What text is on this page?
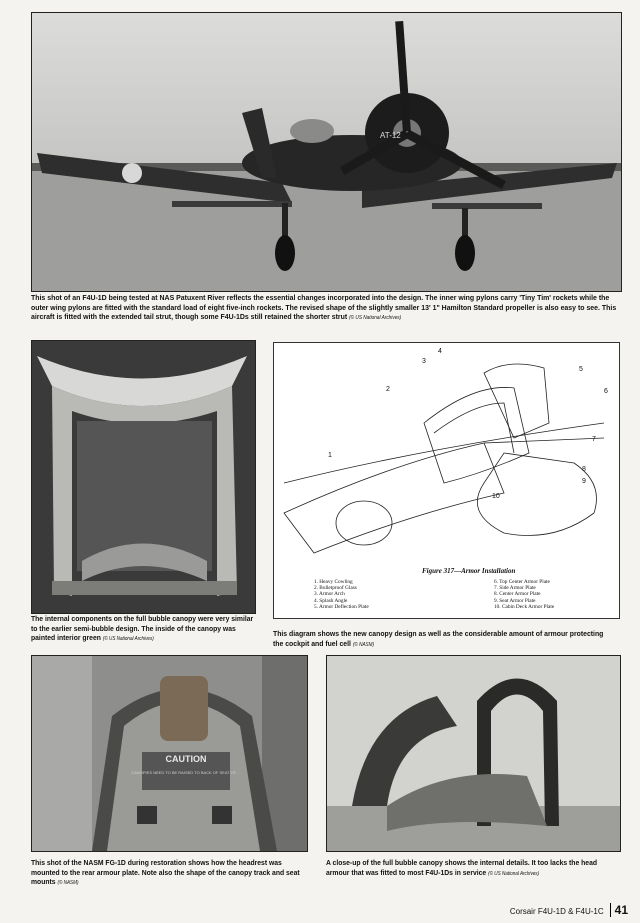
AT-12
This shot of an F4U-1D being tested at NAS Patuxent River reflects the essential changes incorporated into the design. The inner wing pylons carry 'Tiny Tim' rockets while the outer wing pylons are fitted with the standard load of eight five-inch rockets. The revised shape of the slightly smaller 13' 1" Hamilton Standard propeller is also easy to see. This aircraft is fitted with the extended tail strut, though some F4U-1Ds still retained the shorter strut (© US National Archives)
The internal components on the full bubble canopy were very similar to the earlier semi-bubble design. The inside of the canopy was painted interior green (© US National Archives)
1
2
3
4
5
6
7
8
9
10
Figure 317—Armor Installation
1. Heavy Cowling
2. Bulletproof Glass
3. Armor Arch
4. Splash Angle
5. Armor Deflection Plate
6. Top Center Armor Plate
7. Side Armor Plate
8. Center Armor Plate
9. Seat Armor Plate
10. Cabin Deck Armor Plate
This diagram shows the new canopy design as well as the considerable amount of armour protecting the cockpit and fuel cell (© NASM)
CAUTION
CANOPIES NEED TO BE RAISED TO BACK OF SEAT OF ...
This shot of the NASM FG-1D during restoration shows how the headrest was mounted to the rear armour plate. Note also the shape of the canopy track and seat mounts (© NASM)
A close-up of the full bubble canopy shows the internal details. It too lacks the head armour that was fitted to most F4U-1Ds in service (© US National Archives)
Corsair F4U-1D & F4U-1C 41
